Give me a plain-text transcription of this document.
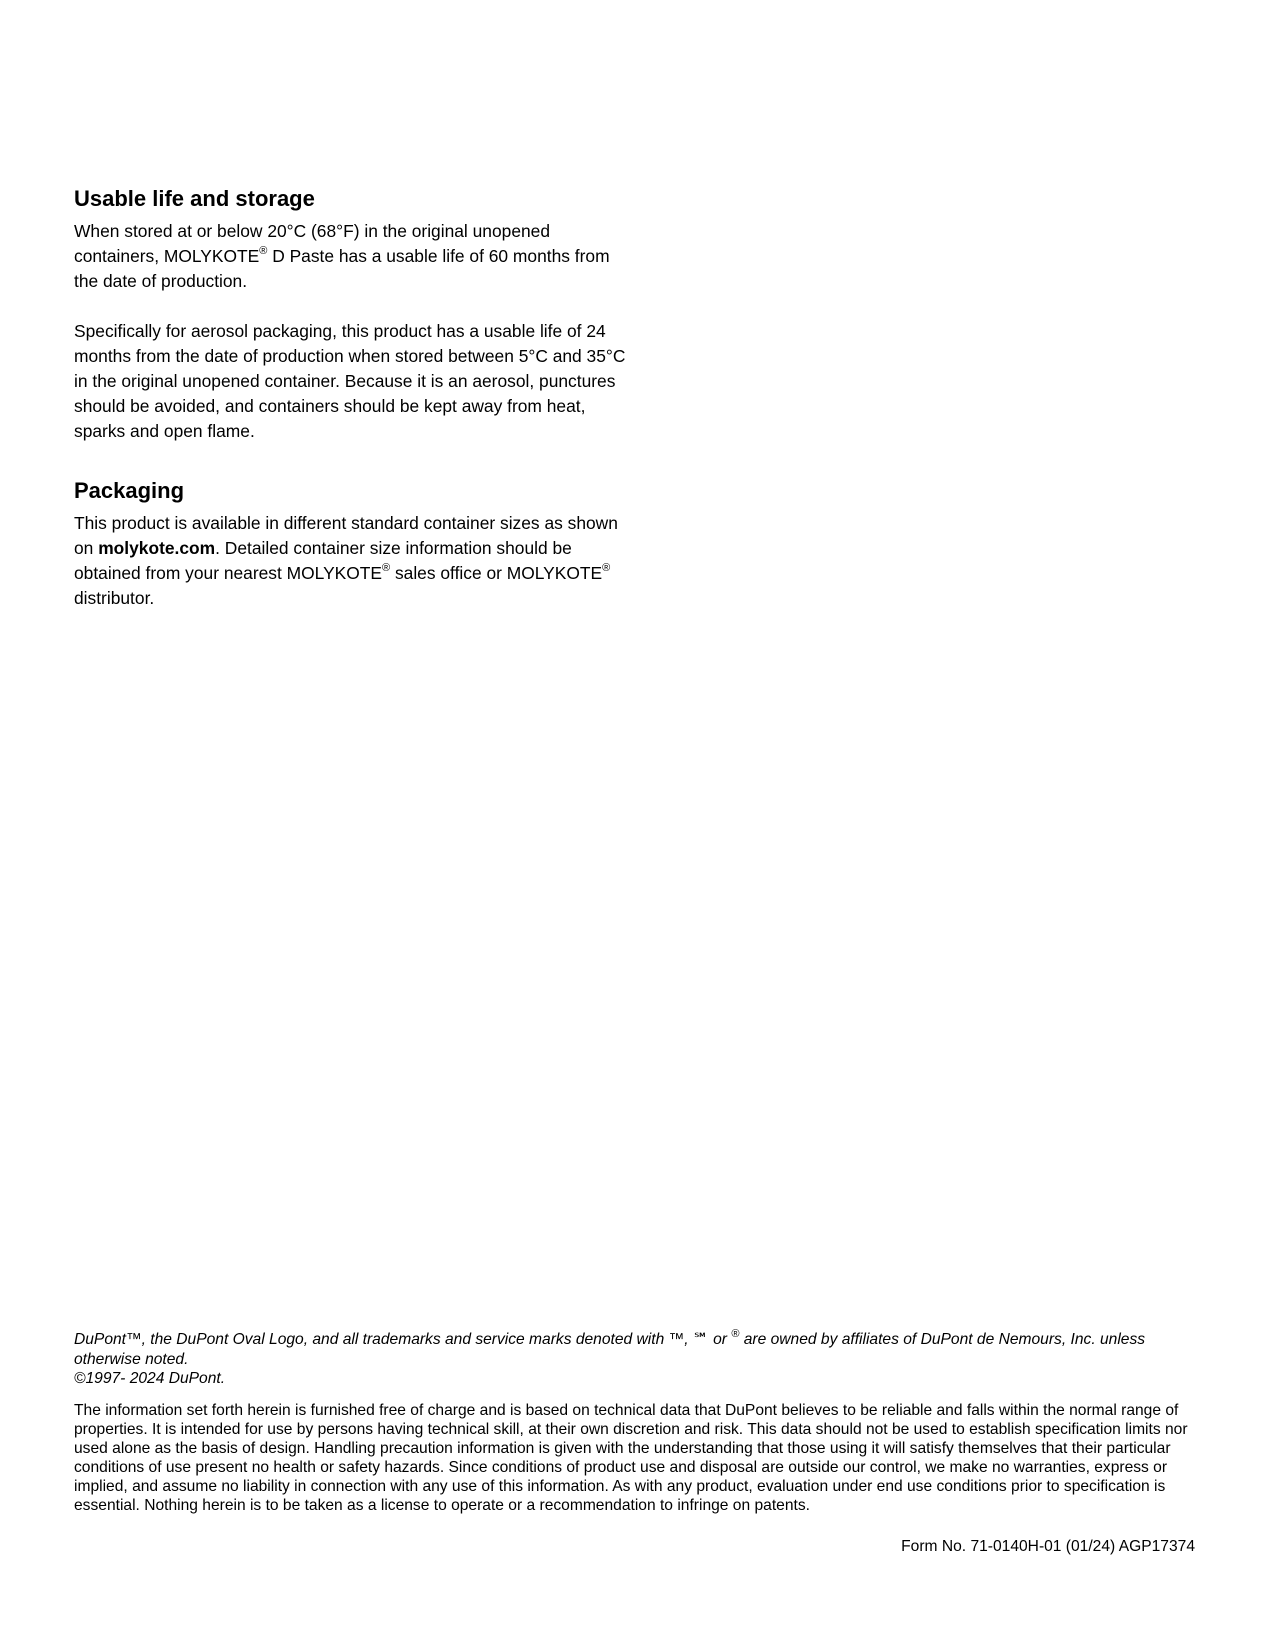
Usable life and storage

When stored at or below 20°C (68°F) in the original unopened containers, MOLYKOTE® D Paste has a usable life of 60 months from the date of production.

Specifically for aerosol packaging, this product has a usable life of 24 months from the date of production when stored between 5°C and 35°C in the original unopened container. Because it is an aerosol, punctures should be avoided, and containers should be kept away from heat, sparks and open flame.

Packaging

This product is available in different standard container sizes as shown on molykote.com. Detailed container size information should be obtained from your nearest MOLYKOTE® sales office or MOLYKOTE® distributor.

DuPont™, the DuPont Oval Logo, and all trademarks and service marks denoted with ™, ℠ or ® are owned by affiliates of DuPont de Nemours, Inc. unless otherwise noted.
©1997- 2024 DuPont.

The information set forth herein is furnished free of charge and is based on technical data that DuPont believes to be reliable and falls within the normal range of properties. It is intended for use by persons having technical skill, at their own discretion and risk. This data should not be used to establish specification limits nor used alone as the basis of design. Handling precaution information is given with the understanding that those using it will satisfy themselves that their particular conditions of use present no health or safety hazards. Since conditions of product use and disposal are outside our control, we make no warranties, express or implied, and assume no liability in connection with any use of this information. As with any product, evaluation under end use conditions prior to specification is essential. Nothing herein is to be taken as a license to operate or a recommendation to infringe on patents.

Form No. 71-0140H-01 (01/24) AGP17374
